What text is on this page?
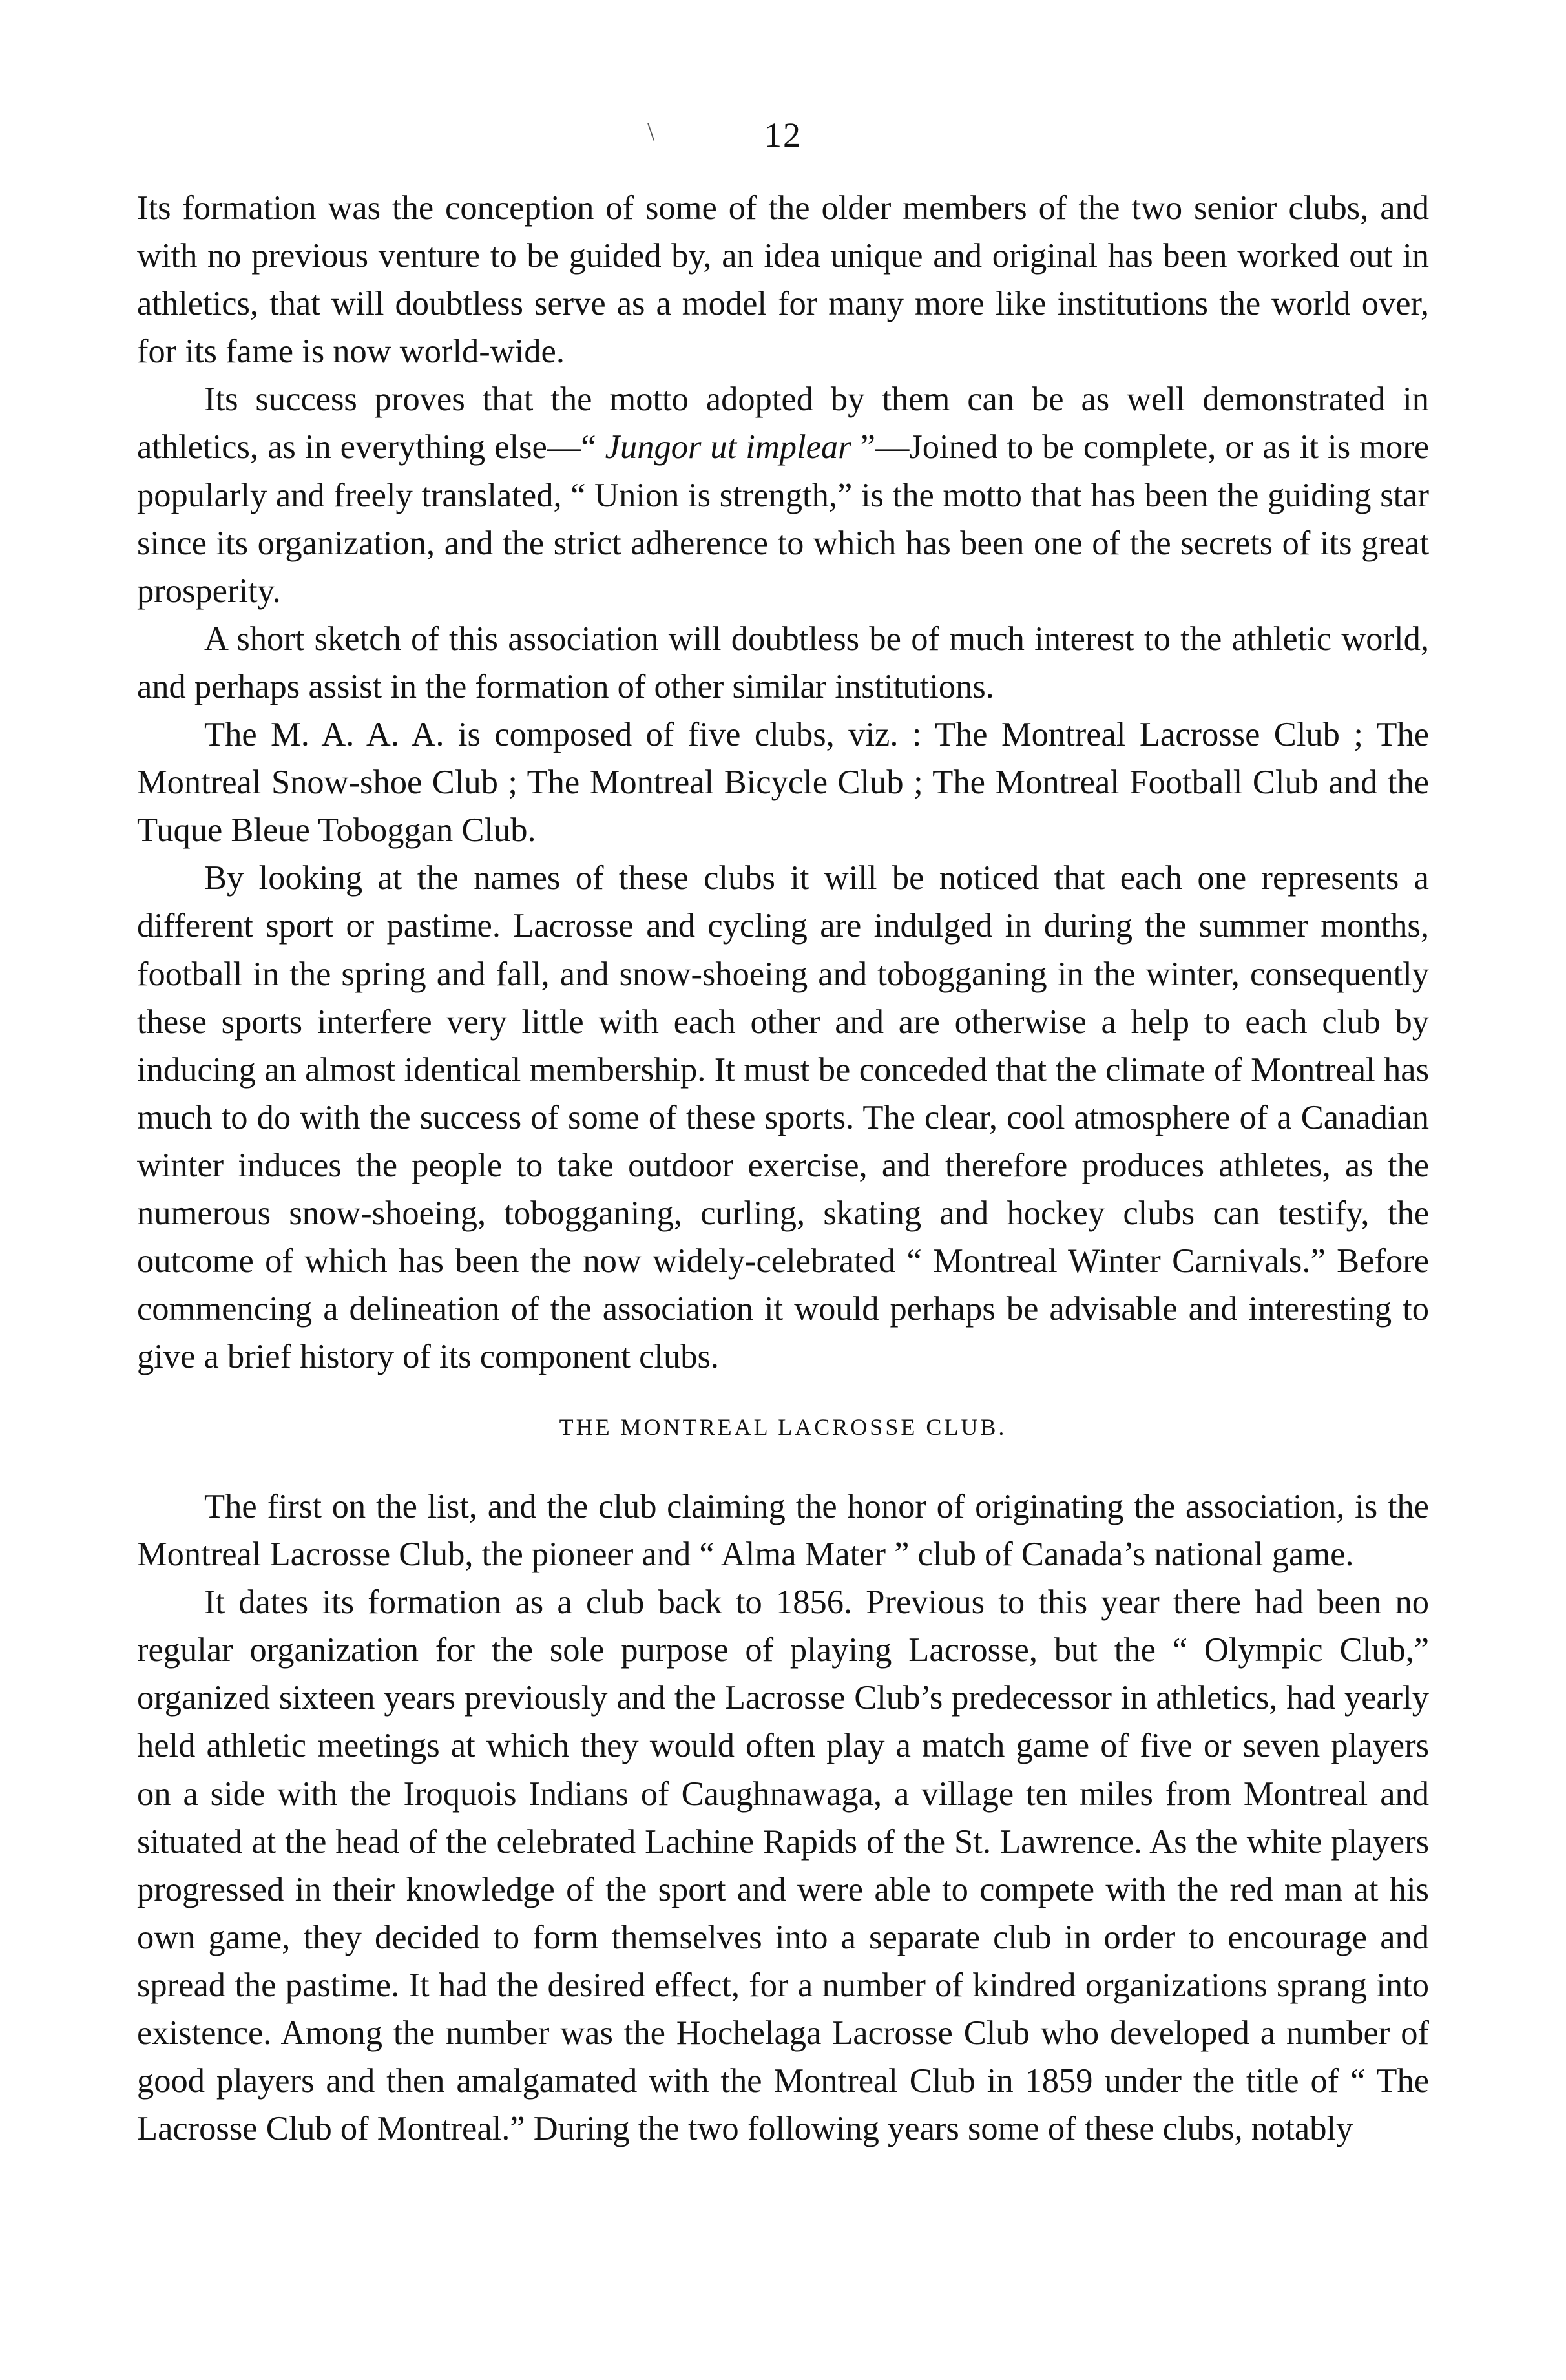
\	12

Its formation was the conception of some of the older members of the two senior clubs, and with no previous venture to be guided by, an idea unique and original has been worked out in athletics, that will doubtless serve as a model for many more like institutions the world over, for its fame is now world-wide.

Its success proves that the motto adopted by them can be as well demonstrated in athletics, as in everything else—“ Jungor ut implear ”—Joined to be complete, or as it is more popularly and freely translated, “ Union is strength,” is the motto that has been the guiding star since its organization, and the strict adherence to which has been one of the secrets of its great prosperity.

A short sketch of this association will doubtless be of much interest to the athletic world, and perhaps assist in the formation of other similar institutions.

The M. A. A. A. is composed of five clubs, viz. : The Montreal Lacrosse Club ; The Montreal Snow-shoe Club ; The Montreal Bicycle Club ; The Montreal Football Club and the Tuque Bleue Toboggan Club.

By looking at the names of these clubs it will be noticed that each one represents a different sport or pastime. Lacrosse and cycling are indulged in during the summer months, football in the spring and fall, and snow-shoeing and tobogganing in the winter, consequently these sports interfere very little with each other and are otherwise a help to each club by inducing an almost identical membership. It must be conceded that the climate of Montreal has much to do with the success of some of these sports. The clear, cool atmosphere of a Canadian winter induces the people to take outdoor exercise, and therefore produces athletes, as the numerous snow-shoeing, tobogganing, curling, skating and hockey clubs can testify, the outcome of which has been the now widely-celebrated “ Montreal Winter Carnivals.” Before commencing a delineation of the association it would perhaps be advisable and interesting to give a brief history of its component clubs.

THE MONTREAL LACROSSE CLUB.

The first on the list, and the club claiming the honor of originating the association, is the Montreal Lacrosse Club, the pioneer and “ Alma Mater ” club of Canada’s national game.

It dates its formation as a club back to 1856. Previous to this year there had been no regular organization for the sole purpose of playing Lacrosse, but the “ Olympic Club,” organized sixteen years previously and the Lacrosse Club’s predecessor in athletics, had yearly held athletic meetings at which they would often play a match game of five or seven players on a side with the Iroquois Indians of Caughnawaga, a village ten miles from Montreal and situated at the head of the celebrated Lachine Rapids of the St. Lawrence. As the white players progressed in their knowledge of the sport and were able to compete with the red man at his own game, they decided to form themselves into a separate club in order to encourage and spread the pastime. It had the desired effect, for a number of kindred organizations sprang into existence. Among the number was the Hochelaga Lacrosse Club who developed a number of good players and then amalgamated with the Montreal Club in 1859 under the title of “ The Lacrosse Club of Montreal.” During the two following years some of these clubs, notably
